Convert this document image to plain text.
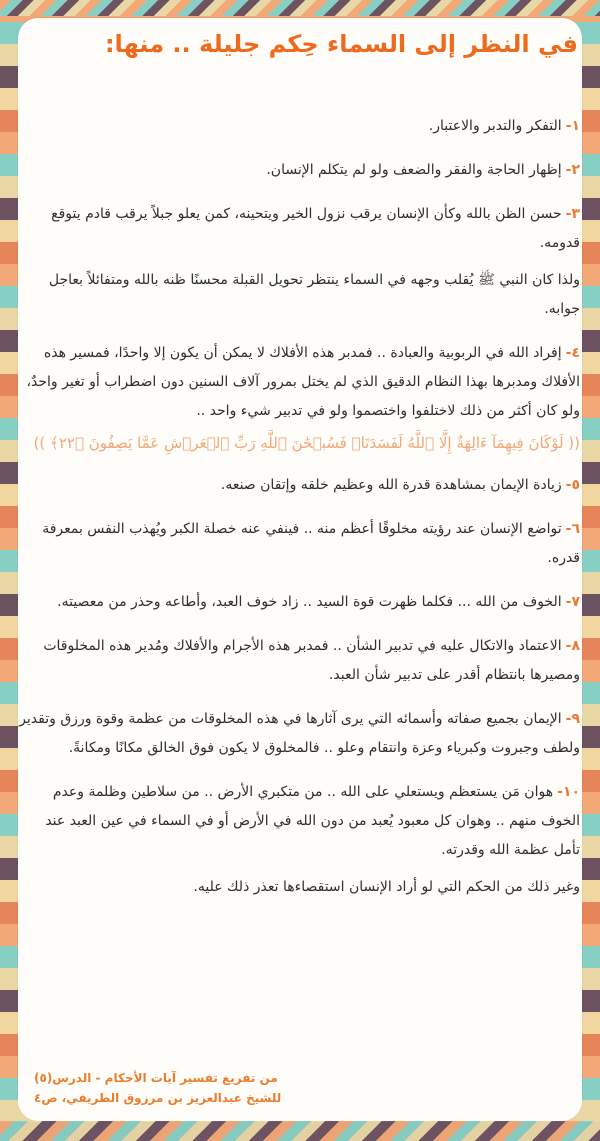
في النظر إلى السماء حِكم جليلة .. منها:
١-التفكر والتدبر والاعتبار.
٢-إظهار الحاجة والفقر والضعف ولو لم يتكلم الإنسان.
٣-حسن الظن بالله وكأن الإنسان يرقب نزول الخير ويتحينه، كمن يعلو جبلاً يرقب قادم يتوقع قدومه.
ولذا كان النبي ﷺ يُقلب وجهه في السماء ينتظر تحويل القبلة محسنًا ظنه بالله ومتفائلاً بعاجل جوابه.
٤-إفراد الله في الربوبية والعبادة .. فمدبر هذه الأفلاك لا يمكن أن يكون إلا واحدًا، فمسير هذه الأفلاك ومدبرها بهذا النظام الدقيق الذي لم يختل بمرور آلاف السنين دون اضطراب أو تغير واحدٌ، ولو كان أكثر من ذلك لاختلفوا واختصموا ولو في تدبير شيء واحد ..
(( لَوْكَانَ فِيهِمَآ ءَالِهَةٌ إِلَّا ٱللَّهُ لَفَسَدَتَاۚ فَسُبۡحَٰنَ ٱللَّهِ رَبِّ ٱلۡعَرۡشِ عَمَّا يَصِفُونَ ﴿٢٢﴾ ))
٥-زيادة الإيمان بمشاهدة قدرة الله وعظيم خلقه وإتقان صنعه.
٦-تواضع الإنسان عند رؤيته مخلوقًا أعظم منه .. فينفي عنه خصلة الكبر ويُهذب النفس بمعرفة قدره.
٧-الخوف من الله ... فكلما ظهرت قوة السيد .. زاد خوف العبد، وأطاعه وحذر من معصيته.
٨-الاعتماد والاتكال عليه في تدبير الشأن .. فمدبر هذه الأجرام والأفلاك ومُدير هذه المخلوقات ومصيرها بانتظام أقدر على تدبير شأن العبد.
٩-الإيمان بجميع صفاته وأسمائه التي يرى آثارها في هذه المخلوقات من عظمة وقوة ورزق وتقدير ولطف وجبروت وكبرياء وعزة وانتقام وعلو .. فالمخلوق لا يكون فوق الخالق مكانًا ومكانةً.
١٠-هوان مَن يستعظم ويستعلي على الله .. من متكبري الأرض .. من سلاطين وظلمة وعدم الخوف منهم .. وهوان كل معبود يُعبد من دون الله في الأرض أو في السماء في عين العبد عند تأمل عظمة الله وقدرته.
وغير ذلك من الحكم التي لو أراد الإنسان استقصاءها تعذر ذلك عليه.
من تفريغ تفسير آيات الأحكام - الدرس(٥)
للشيخ عبدالعزيز بن مرزوق الطريفي، ص٤
